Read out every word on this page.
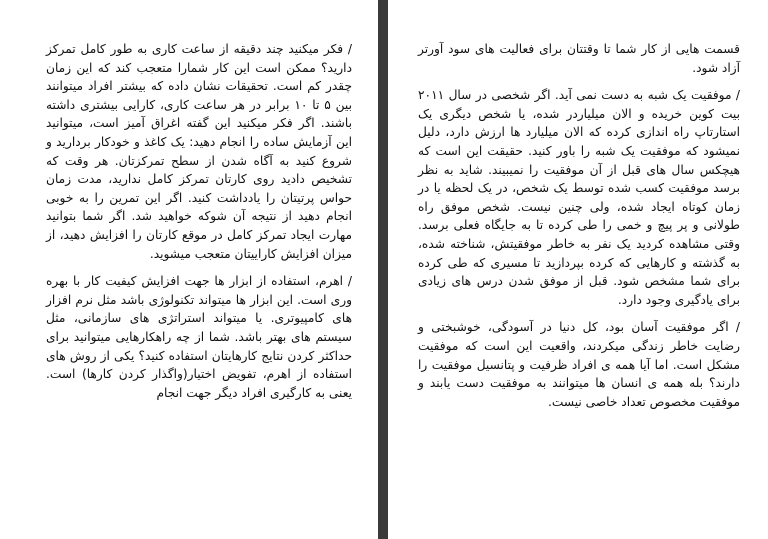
/ فکر میکنید چند دقیقه از ساعت کاری به طور کامل تمرکز دارید؟ ممکن است این کار شمارا متعجب کند که این زمان چقدر کم است. تحقیقات نشان داده که بیشتر افراد میتوانند بین ۵ تا ۱۰ برابر در هر ساعت کاری، کارایی بیشتری داشته باشند. اگر فکر میکنید این گفته اغراق آمیز است، میتوانید این آزمایش ساده را انجام دهید: یک کاغذ و خودکار بردارید و شروع کنید به آگاه شدن از سطح تمرکزتان. هر وقت که تشخیص دادید روی کارتان تمرکز کامل ندارید، مدت زمان حواس پرتیتان را یادداشت کنید. اگر این تمرین را به خوبی انجام دهید از نتیجه آن شوکه خواهید شد. اگر شما بتوانید مهارت ایجاد تمرکز کامل در موقع کارتان را افزایش دهید، از میزان افزایش کاراییتان متعجب میشوید.

/ اهرم، استفاده از ابزار ها جهت افزایش کیفیت کار با بهره وری است. این ابزار ها میتواند تکنولوژی باشد مثل نرم افزار های کامپیوتری. یا میتواند استراتژی های سازمانی، مثل سیستم های بهتر باشد. شما از چه راهکارهایی میتوانید برای حداکثر کردن نتایج کارهایتان استفاده کنید؟ یکی از روش های استفاده از اهرم، تفویض اختیار(واگذار کردن کارها) است. یعنی به کارگیری افراد دیگر جهت انجام

قسمت هایی از کار شما تا وقتتان برای فعالیت های سود آورتر آزاد شود.

/ موفقیت یک شبه به دست نمی آید. اگر شخصی در سال ۲۰۱۱ بیت کوین خریده و الان میلیاردر شده، یا شخص دیگری یک استارتاپ راه اندازی کرده که الان میلیارد ها ارزش دارد، دلیل نمیشود که موفقیت یک شبه را باور کنید. حقیقت این است که هیچکس سال های قبل از آن موفقیت را نمیبیند. شاید به نظر برسد موفقیت کسب شده توسط یک شخص، در یک لحظه یا در زمان کوتاه ایجاد شده، ولی چنین نیست. شخص موفق راه طولانی و پر پیچ و خمی را طی کرده تا به جایگاه فعلی برسد. وقتی مشاهده کردید یک نفر به خاطر موفقیتش، شناخته شده، به گذشته و کارهایی که کرده بپردازید تا مسیری که طی کرده برای شما مشخص شود. قبل از موفق شدن درس های زیادی برای یادگیری وجود دارد.

/ اگر موفقیت آسان بود، کل دنیا در آسودگی، خوشبختی و رضایت خاطر زندگی میکردند، واقعیت این است که موفقیت مشکل است. اما آیا همه ی افراد ظرفیت و پتانسیل موفقیت را دارند؟ بله همه ی انسان ها میتوانند به موفقیت دست یابند و موفقیت مخصوص تعداد خاصی نیست.
